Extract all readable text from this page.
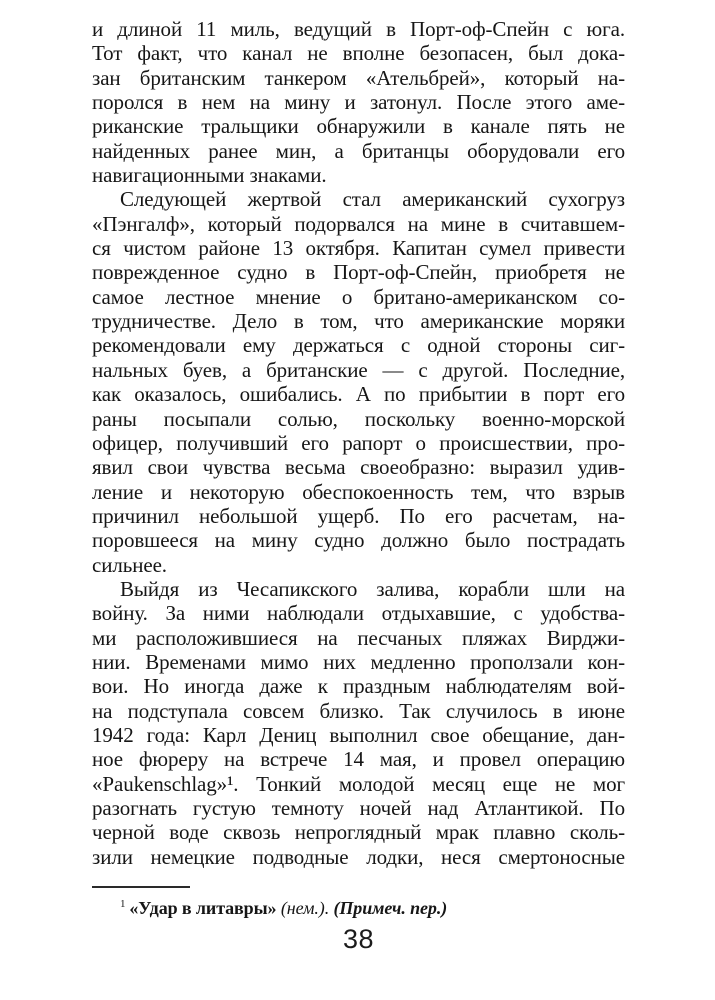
и длиной 11 миль, ведущий в Порт-оф-Спейн с юга.
Тот факт, что канал не вполне безопасен, был дока-
зан британским танкером «Ательбрей», который на-
поролся в нем на мину и затонул. После этого аме-
риканские тральщики обнаружили в канале пять не
найденных ранее мин, а британцы оборудовали его
навигационными знаками.
Следующей жертвой стал американский сухогруз
«Пэнгалф», который подорвался на мине в считавшем-
ся чистом районе 13 октября. Капитан сумел привести
поврежденное судно в Порт-оф-Спейн, приобретя не
самое лестное мнение о британо-американском со-
трудничестве. Дело в том, что американские моряки
рекомендовали ему держаться с одной стороны сиг-
нальных буев, а британские — с другой. Последние,
как оказалось, ошибались. А по прибытии в порт его
раны посыпали солью, поскольку военно-морской
офицер, получивший его рапорт о происшествии, про-
явил свои чувства весьма своеобразно: выразил удив-
ление и некоторую обеспокоенность тем, что взрыв
причинил небольшой ущерб. По его расчетам, на-
поровшееся на мину судно должно было пострадать
сильнее.
Выйдя из Чесапикского залива, корабли шли на
войну. За ними наблюдали отдыхавшие, с удобства-
ми расположившиеся на песчаных пляжах Вирджи-
нии. Временами мимо них медленно проползали кон-
вои. Но иногда даже к праздным наблюдателям вой-
на подступала совсем близко. Так случилось в июне
1942 года: Карл Дениц выполнил свое обещание, дан-
ное фюреру на встрече 14 мая, и провел операцию
«Paukenschlag»¹. Тонкий молодой месяц еще не мог
разогнать густую темноту ночей над Атлантикой. По
черной воде сквозь непроглядный мрак плавно сколь-
зили немецкие подводные лодки, неся смертоносные

$^1$ «Удар в литавры» (нем.). (Примеч. пер.)

38
